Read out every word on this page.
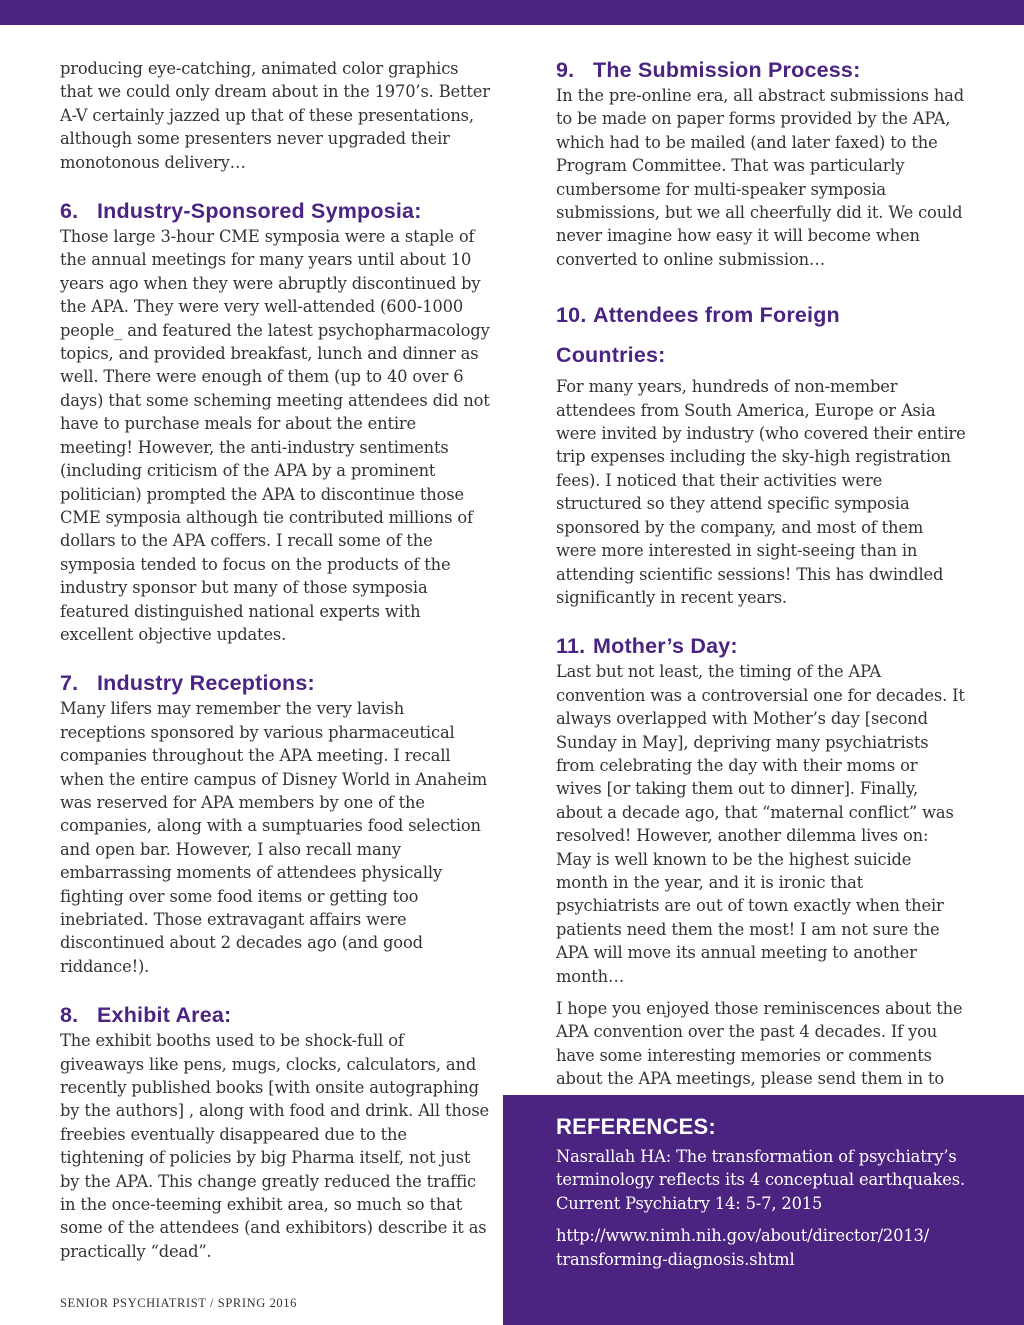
producing eye-catching, animated color graphics that we could only dream about in the 1970’s. Better A-V certainly jazzed up that of these presentations, although some presenters never upgraded their monotonous delivery…

6. Industry-Sponsored Symposia:

Those large 3-hour CME symposia were a staple of the annual meetings for many years until about 10 years ago when they were abruptly discontinued by the APA. They were very well-attended (600-1000 people_ and featured the latest psychopharmacology topics, and provided breakfast, lunch and dinner as well. There were enough of them (up to 40 over 6 days) that some scheming meeting attendees did not have to purchase meals for about the entire meeting! However, the anti-industry sentiments (including criticism of the APA by a prominent politician) prompted the APA to discontinue those CME symposia although tie contributed millions of dollars to the APA coffers. I recall some of the symposia tended to focus on the products of the industry sponsor but many of those symposia featured distinguished national experts with excellent objective updates.

7. Industry Receptions:

Many lifers may remember the very lavish receptions sponsored by various pharmaceutical companies throughout the APA meeting. I recall when the entire campus of Disney World in Anaheim was reserved for APA members by one of the companies, along with a sumptuaries food selection and open bar. However, I also recall many embarrassing moments of attendees physically fighting over some food items or getting too inebriated. Those extravagant affairs were discontinued about 2 decades ago (and good riddance!).

8. Exhibit Area:

The exhibit booths used to be shock-full of giveaways like pens, mugs, clocks, calculators, and recently published books [with onsite autographing by the authors] , along with food and drink. All those freebies eventually disappeared due to the tightening of policies by big Pharma itself, not just by the APA. This change greatly reduced the traffic in the once-teeming exhibit area, so much so that some of the attendees (and exhibitors) describe it as practically “dead”.

9. The Submission Process:

In the pre-online era, all abstract submissions had to be made on paper forms provided by the APA, which had to be mailed (and later faxed) to the Program Committee. That was particularly cumbersome for multi-speaker symposia submissions, but we all cheerfully did it. We could never imagine how easy it will become when converted to online submission…

10. Attendees from Foreign
Countries:

For many years, hundreds of non-member attendees from South America, Europe or Asia were invited by industry (who covered their entire trip expenses including the sky-high registration fees). I noticed that their activities were structured so they attend specific symposia sponsored by the company, and most of them were more interested in sight-seeing than in attending scientific sessions! This has dwindled significantly in recent years.

11. Mother’s Day:

Last but not least, the timing of the APA convention was a controversial one for decades. It always overlapped with Mother’s day [second Sunday in May], depriving many psychiatrists from celebrating the day with their moms or wives [or taking them out to dinner]. Finally, about a decade ago, that “maternal conflict” was resolved! However, another dilemma lives on: May is well known to be the highest suicide month in the year, and it is ironic that psychiatrists are out of town exactly when their patients need them the most! I am not sure the APA will move its annual meeting to another month…

I hope you enjoyed those reminiscences about the APA convention over the past 4 decades. If you have some interesting memories or comments about the APA meetings, please send them in to

REFERENCES:

Nasrallah HA: The transformation of psychiatry’s terminology reflects its 4 conceptual earthquakes. Current Psychiatry 14: 5-7, 2015

http://www.nimh.nih.gov/about/director/2013/ transforming-diagnosis.shtml

SENIOR PSYCHIATRIST / SPRING 2016
